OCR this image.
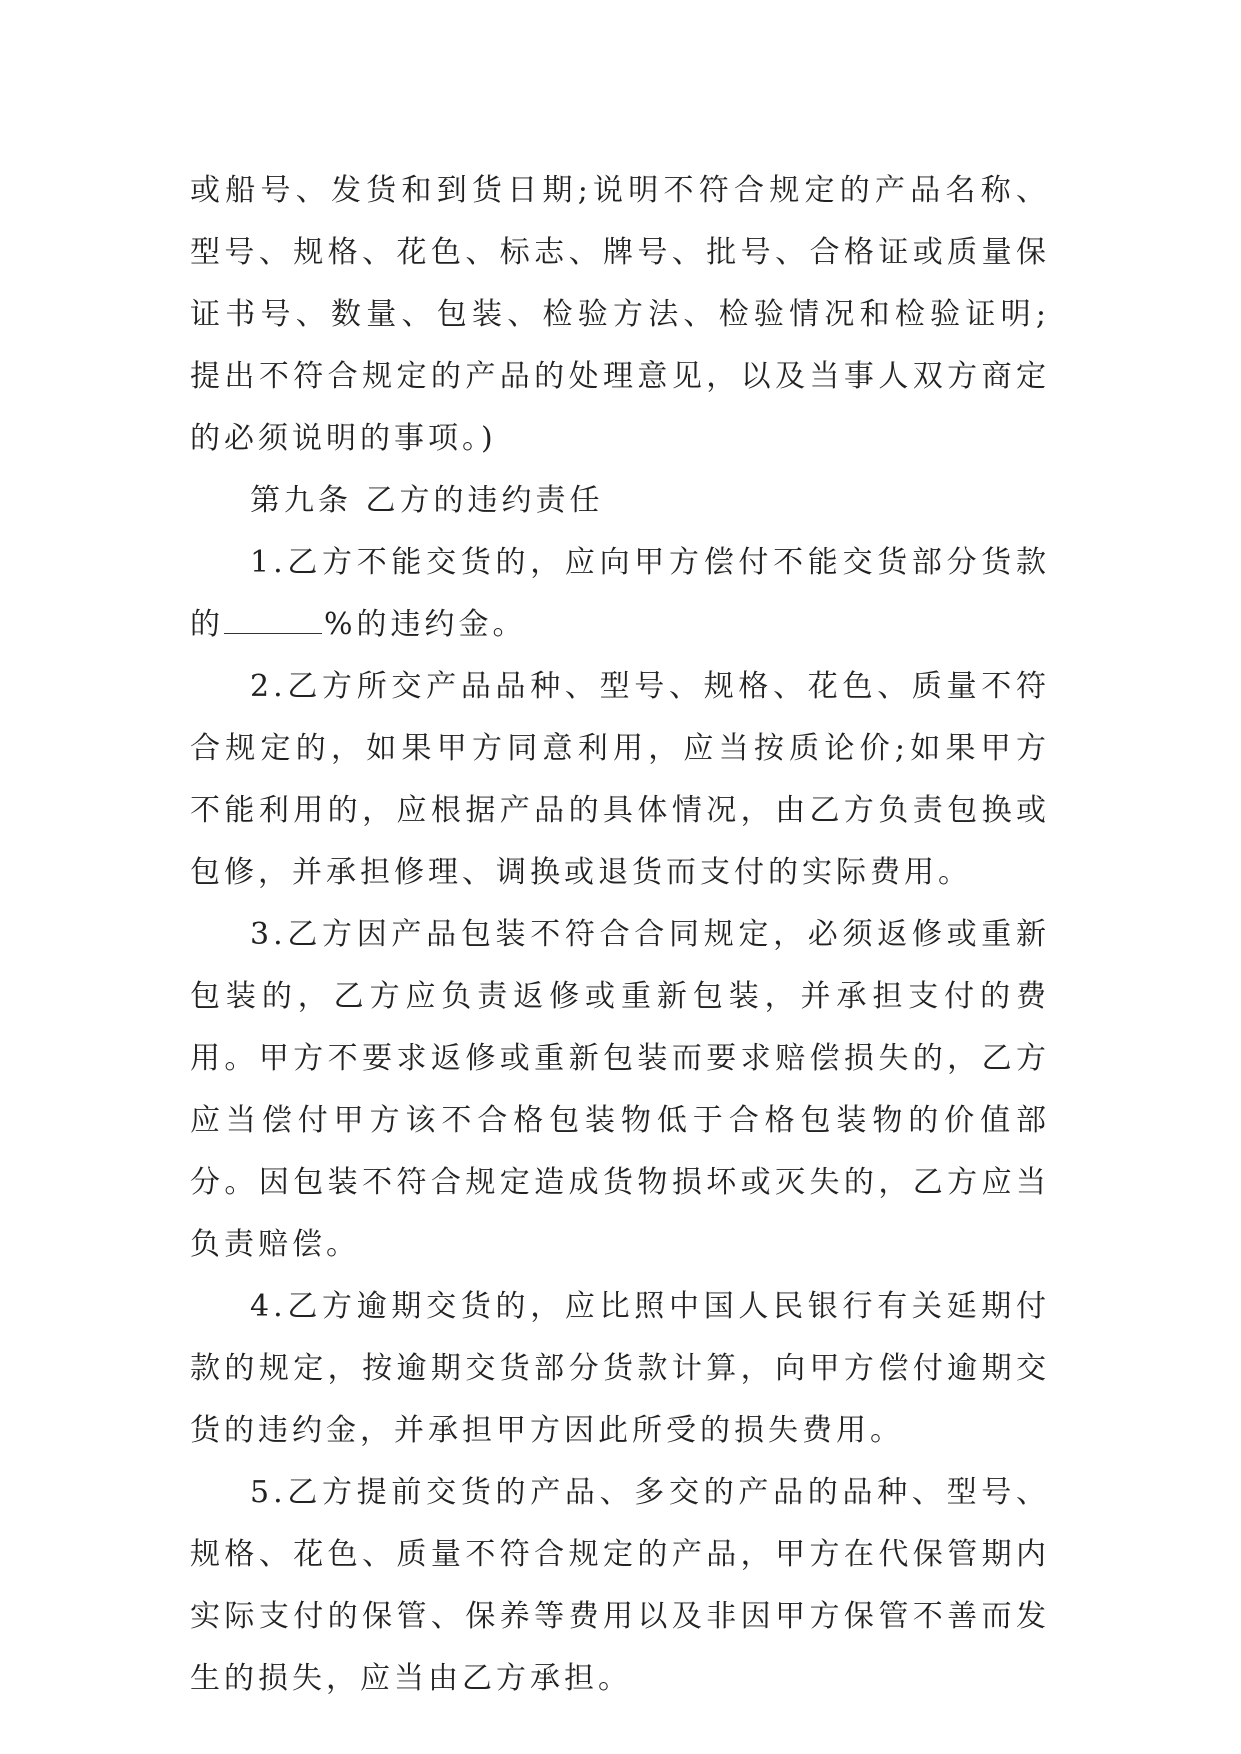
或船号、发货和到货日期;说明不符合规定的产品名称、型号、规格、花色、标志、牌号、批号、合格证或质量保证书号、数量、包装、检验方法、检验情况和检验证明;提出不符合规定的产品的处理意见，以及当事人双方商定的必须说明的事项。)

第九条 乙方的违约责任

1.乙方不能交货的，应向甲方偿付不能交货部分货款的	%的违约金。

2.乙方所交产品品种、型号、规格、花色、质量不符合规定的，如果甲方同意利用，应当按质论价;如果甲方不能利用的，应根据产品的具体情况，由乙方负责包换或包修，并承担修理、调换或退货而支付的实际费用。

3.乙方因产品包装不符合合同规定，必须返修或重新包装的，乙方应负责返修或重新包装，并承担支付的费用。甲方不要求返修或重新包装而要求赔偿损失的，乙方应当偿付甲方该不合格包装物低于合格包装物的价值部分。因包装不符合规定造成货物损坏或灭失的，乙方应当负责赔偿。

4.乙方逾期交货的，应比照中国人民银行有关延期付款的规定，按逾期交货部分货款计算，向甲方偿付逾期交货的违约金，并承担甲方因此所受的损失费用。

5.乙方提前交货的产品、多交的产品的品种、型号、规格、花色、质量不符合规定的产品，甲方在代保管期内实际支付的保管、保养等费用以及非因甲方保管不善而发生的损失，应当由乙方承担。
